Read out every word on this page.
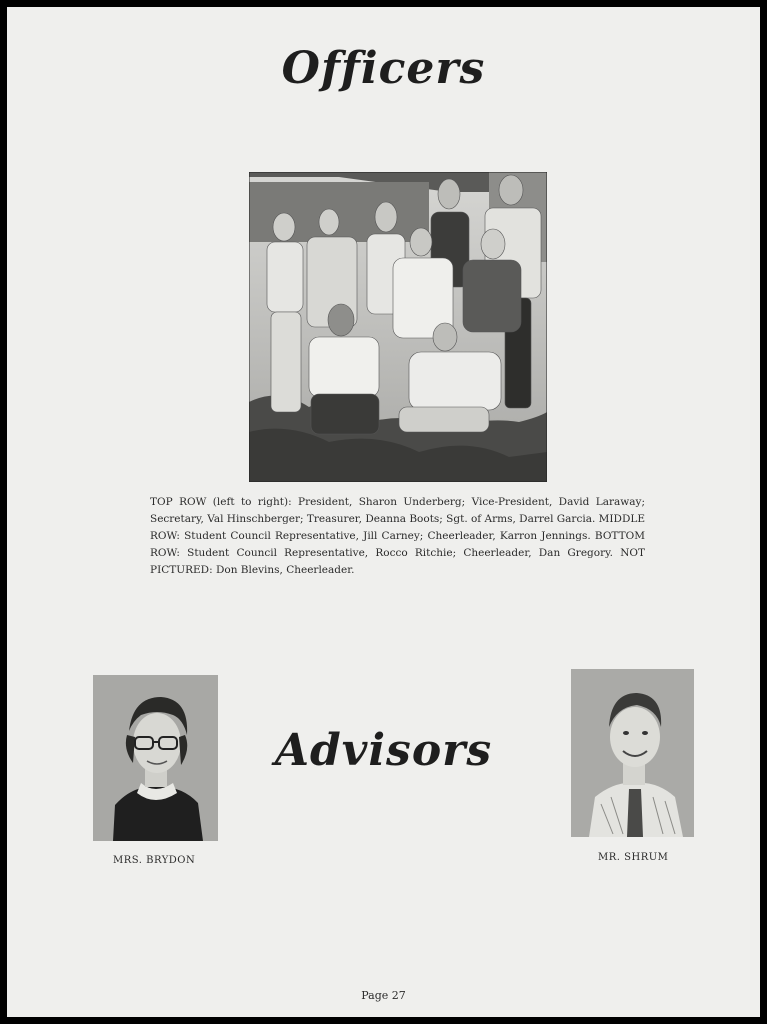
Officers
TOP ROW (left to right): President, Sharon Underberg; Vice-President, David Laraway; Secretary, Val Hinschberger; Treasurer, Deanna Boots; Sgt. of Arms, Darrel Garcia. MIDDLE ROW: Student Council Representative, Jill Carney; Cheerleader, Karron Jennings. BOTTOM ROW: Student Council Representative, Rocco Ritchie; Cheerleader, Dan Gregory. NOT PICTURED: Don Blevins, Cheerleader.
Advisors
MRS. BRYDON	MR. SHRUM
Page 27
